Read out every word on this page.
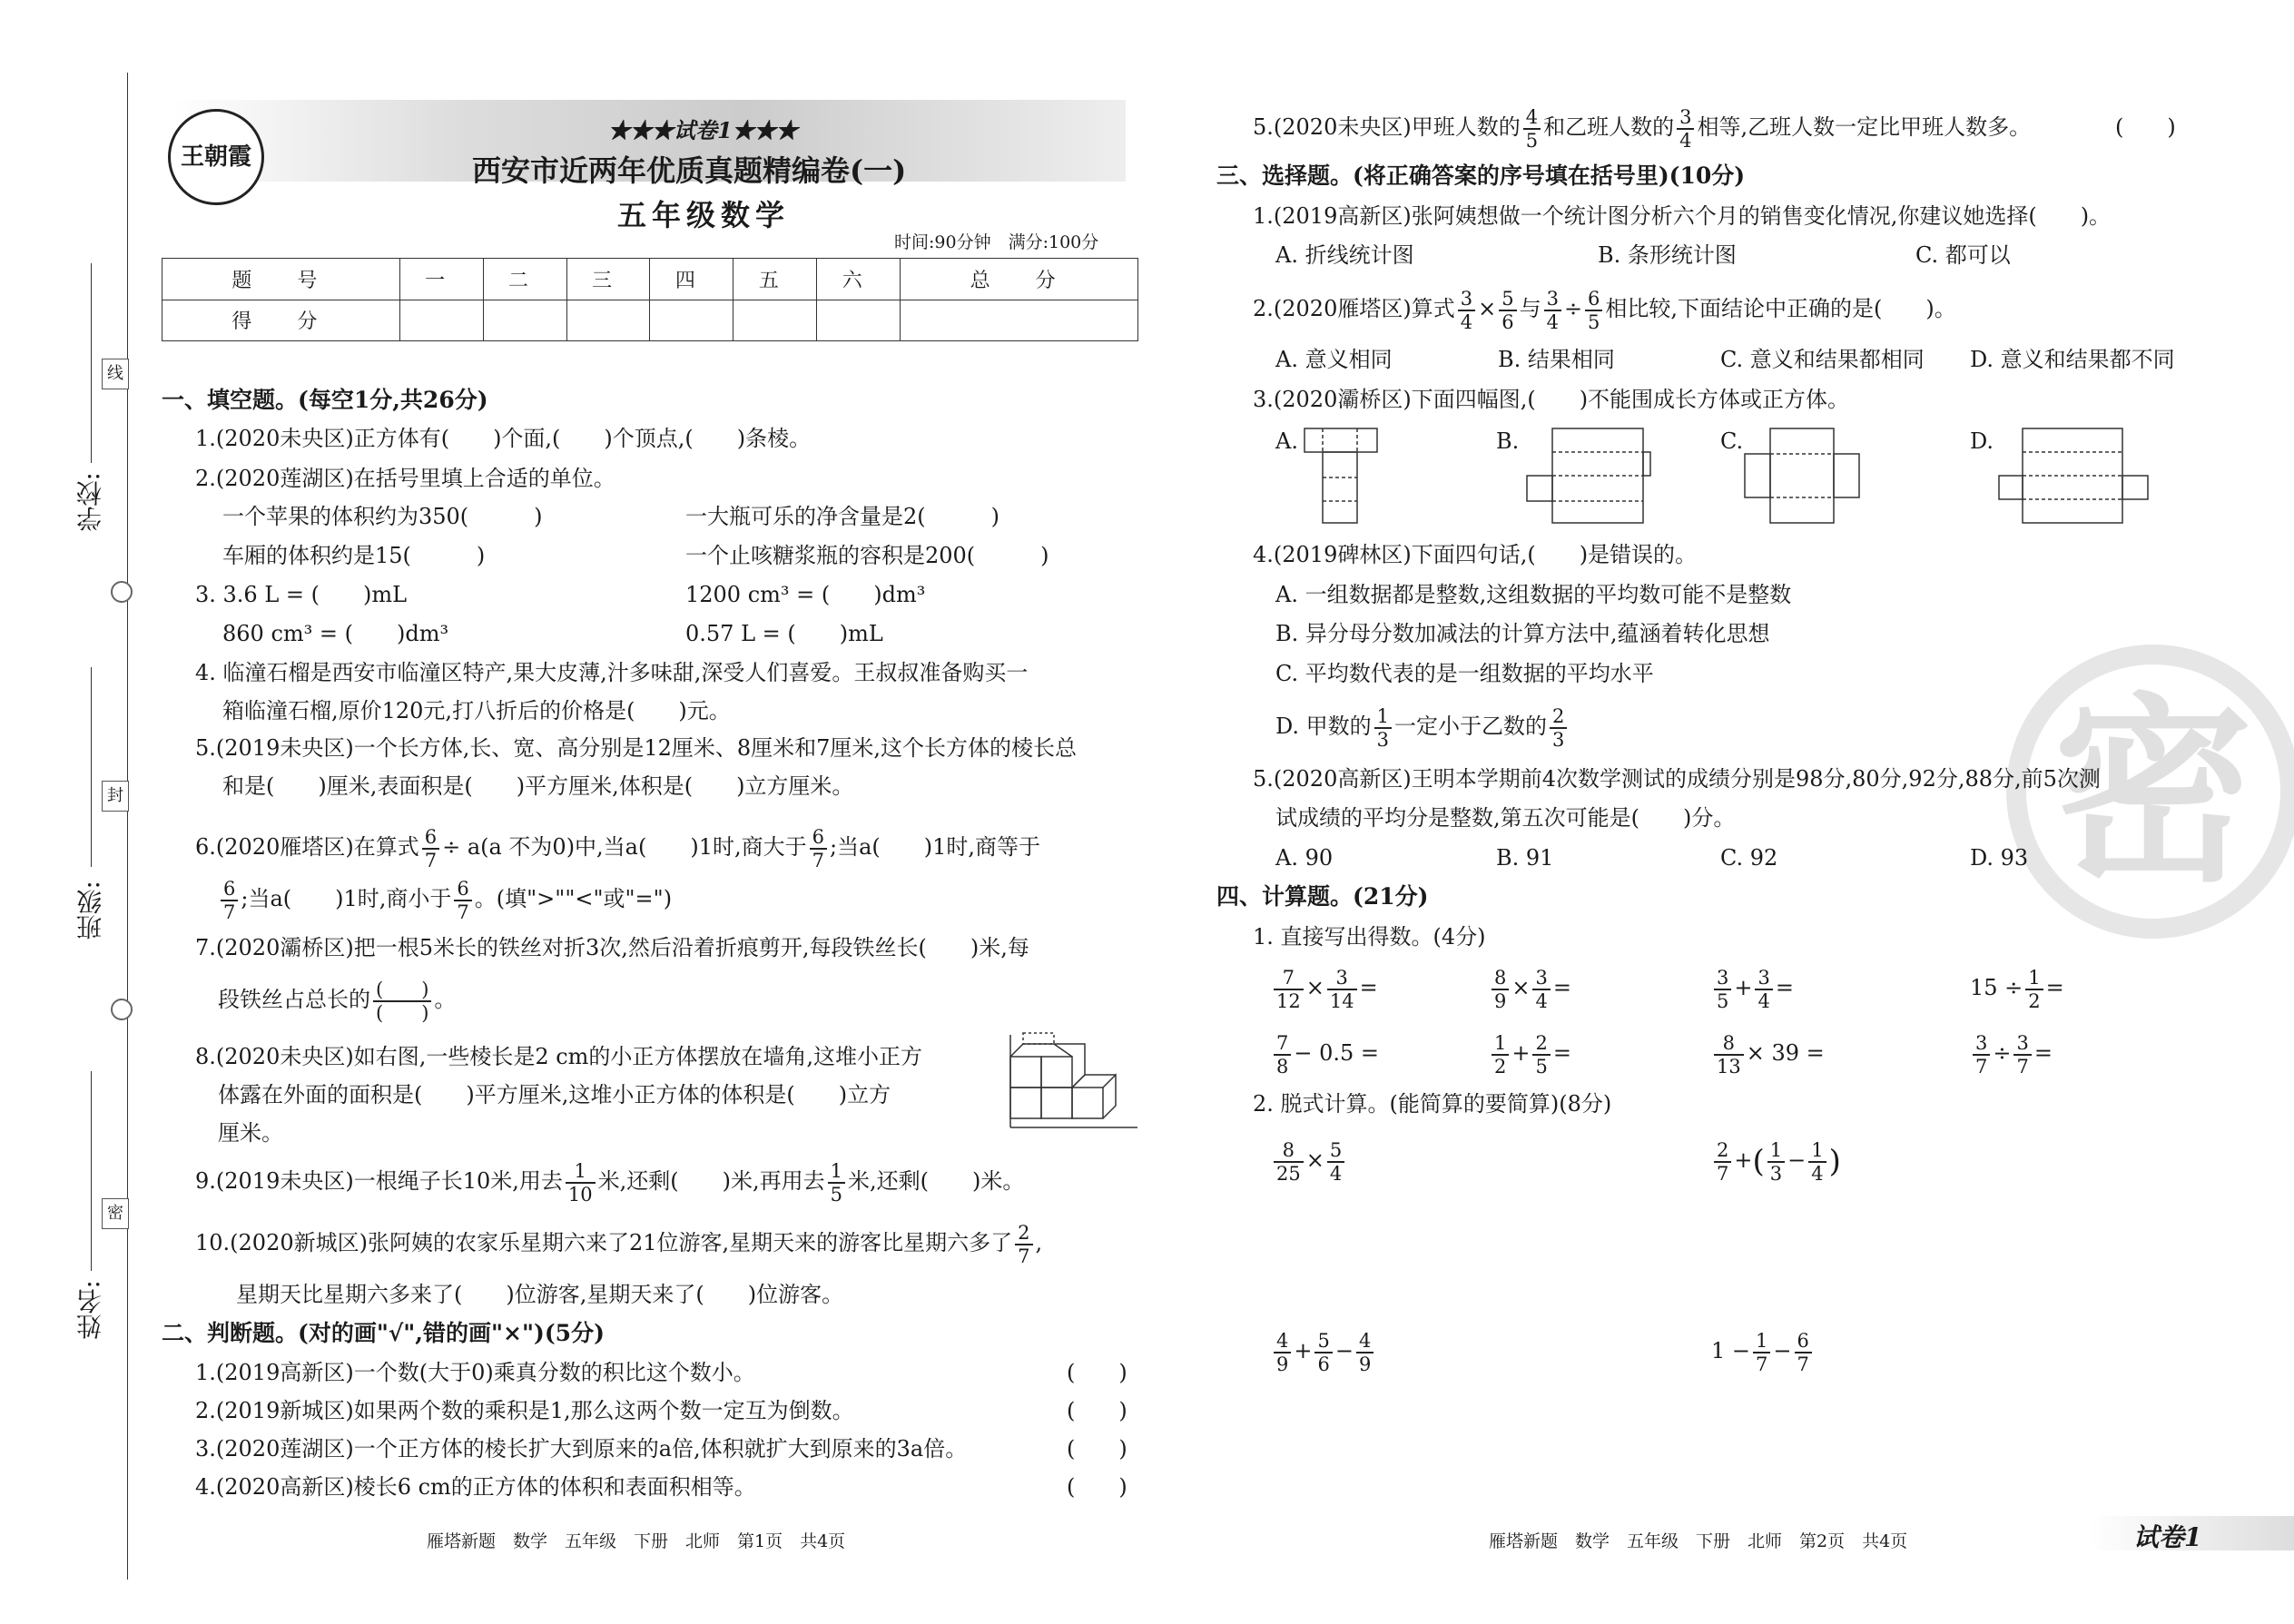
线
封
密
学校:
班级:
姓名:
王朝霞
★★★试卷1★★★
西安市近两年优质真题精编卷(一)
五年级数学
时间:90分钟　满分:100分
题　号	一	二	三	四	五	六	总　分
得　分							
一、填空题。(每空1分,共26分)
1.(2020未央区)正方体有(　　)个面,(　　)个顶点,(　　)条棱。
2.(2020莲湖区)在括号里填上合适的单位。
一个苹果的体积约为350(　　　)	一大瓶可乐的净含量是2(　　　)
车厢的体积约是15(　　　)	一个止咳糖浆瓶的容积是200(　　　)
3. 3.6 L = (　　)mL	1200 cm³ = (　　)dm³
860 cm³ = (　　)dm³	0.57 L = (　　)mL
4. 临潼石榴是西安市临潼区特产,果大皮薄,汁多味甜,深受人们喜爱。王叔叔准备购买一
箱临潼石榴,原价120元,打八折后的价格是(　　)元。
5.(2019未央区)一个长方体,长、宽、高分别是12厘米、8厘米和7厘米,这个长方体的棱长总
和是(　　)厘米,表面积是(　　)平方厘米,体积是(　　)立方厘米。
6.(2020雁塔区)在算式 $\frac{6}{7} \div a(a$ 不为0)中,当a(　　)1时,商大于 $\frac{6}{7}$ ;当a(　　)1时,商等于
$\frac{6}{7}$ ;当a(　　)1时,商小于 $\frac{6}{7}$ 。(填">""<"或"=")
7.(2020灞桥区)把一根5米长的铁丝对折3次,然后沿着折痕剪开,每段铁丝长(　　)米,每
段铁丝占总长的 $\frac{( )}{( )}$ 。
8.(2020未央区)如右图,一些棱长是2 cm的小正方体摆放在墙角,这堆小正方
体露在外面的面积是(　　)平方厘米,这堆小正方体的体积是(　　)立方
厘米。
9.(2019未央区)一根绳子长10米,用去 $\frac{1}{10}$ 米,还剩(　　)米,再用去 $\frac{1}{5}$ 米,还剩(　　)米。
10.(2020新城区)张阿姨的农家乐星期六来了21位游客,星期天来的游客比星期六多了 $\frac{2}{7}$ ,
星期天比星期六多来了(　　)位游客,星期天来了(　　)位游客。
二、判断题。(对的画"√",错的画"×")(5分)
1.(2019高新区)一个数(大于0)乘真分数的积比这个数小。	(　　)
2.(2019新城区)如果两个数的乘积是1,那么这两个数一定互为倒数。	(　　)
3.(2020莲湖区)一个正方体的棱长扩大到原来的a倍,体积就扩大到原来的3a倍。	(　　)
4.(2020高新区)棱长6 cm的正方体的体积和表面积相等。	(　　)
雁塔新题　数学　五年级　下册　北师　第1页　共4页
密
5.(2020未央区)甲班人数的 $\frac{4}{5}$ 和乙班人数的 $\frac{3}{4}$ 相等,乙班人数一定比甲班人数多。	(　　)
三、选择题。(将正确答案的序号填在括号里)(10分)
1.(2019高新区)张阿姨想做一个统计图分析六个月的销售变化情况,你建议她选择(　　)。
A. 折线统计图	B. 条形统计图	C. 都可以
2.(2020雁塔区)算式 $\frac{3}{4} \times \frac{5}{6}$ 与 $\frac{3}{4} \div \frac{6}{5}$ 相比较,下面结论中正确的是(　　)。
A. 意义相同	B. 结果相同	C. 意义和结果都相同 D. 意义和结果都不同
3.(2020灞桥区)下面四幅图,(　　)不能围成长方体或正方体。
A.	B.	C.	D.
4.(2019碑林区)下面四句话,(　　)是错误的。
A. 一组数据都是整数,这组数据的平均数可能不是整数
B. 异分母分数加减法的计算方法中,蕴涵着转化思想
C. 平均数代表的是一组数据的平均水平
D. 甲数的 $\frac{1}{3}$ 一定小于乙数的 $\frac{2}{3}$
5.(2020高新区)王明本学期前4次数学测试的成绩分别是98分,80分,92分,88分,前5次测
试成绩的平均分是整数,第五次可能是(　　)分。
A. 90	B. 91	C. 92	D. 93
四、计算题。(21分)
1. 直接写出得数。(4分)
$\frac{7}{12} \times \frac{3}{14}$ =	$\frac{8}{9} \times \frac{3}{4}$ =	$\frac{3}{5} + \frac{3}{4}$ =	$15 \div \frac{1}{2}$ =
$\frac{7}{8} - 0.5$ =	$\frac{1}{2} + \frac{2}{5}$ =	$\frac{8}{13} \times 39$ =	$\frac{3}{7} \div \frac{3}{7}$ =
2. 脱式计算。(能简算的要简算)(8分)
$\frac{8}{25} \times \frac{5}{4}$	$\frac{2}{7}$ +( $\frac{1}{3} - \frac{1}{4}$ )
$\frac{4}{9} + \frac{5}{6} - \frac{4}{9}$	$1 - \frac{1}{7} - \frac{6}{7}$
雁塔新题　数学　五年级　下册　北师　第2页　共4页	试卷1
